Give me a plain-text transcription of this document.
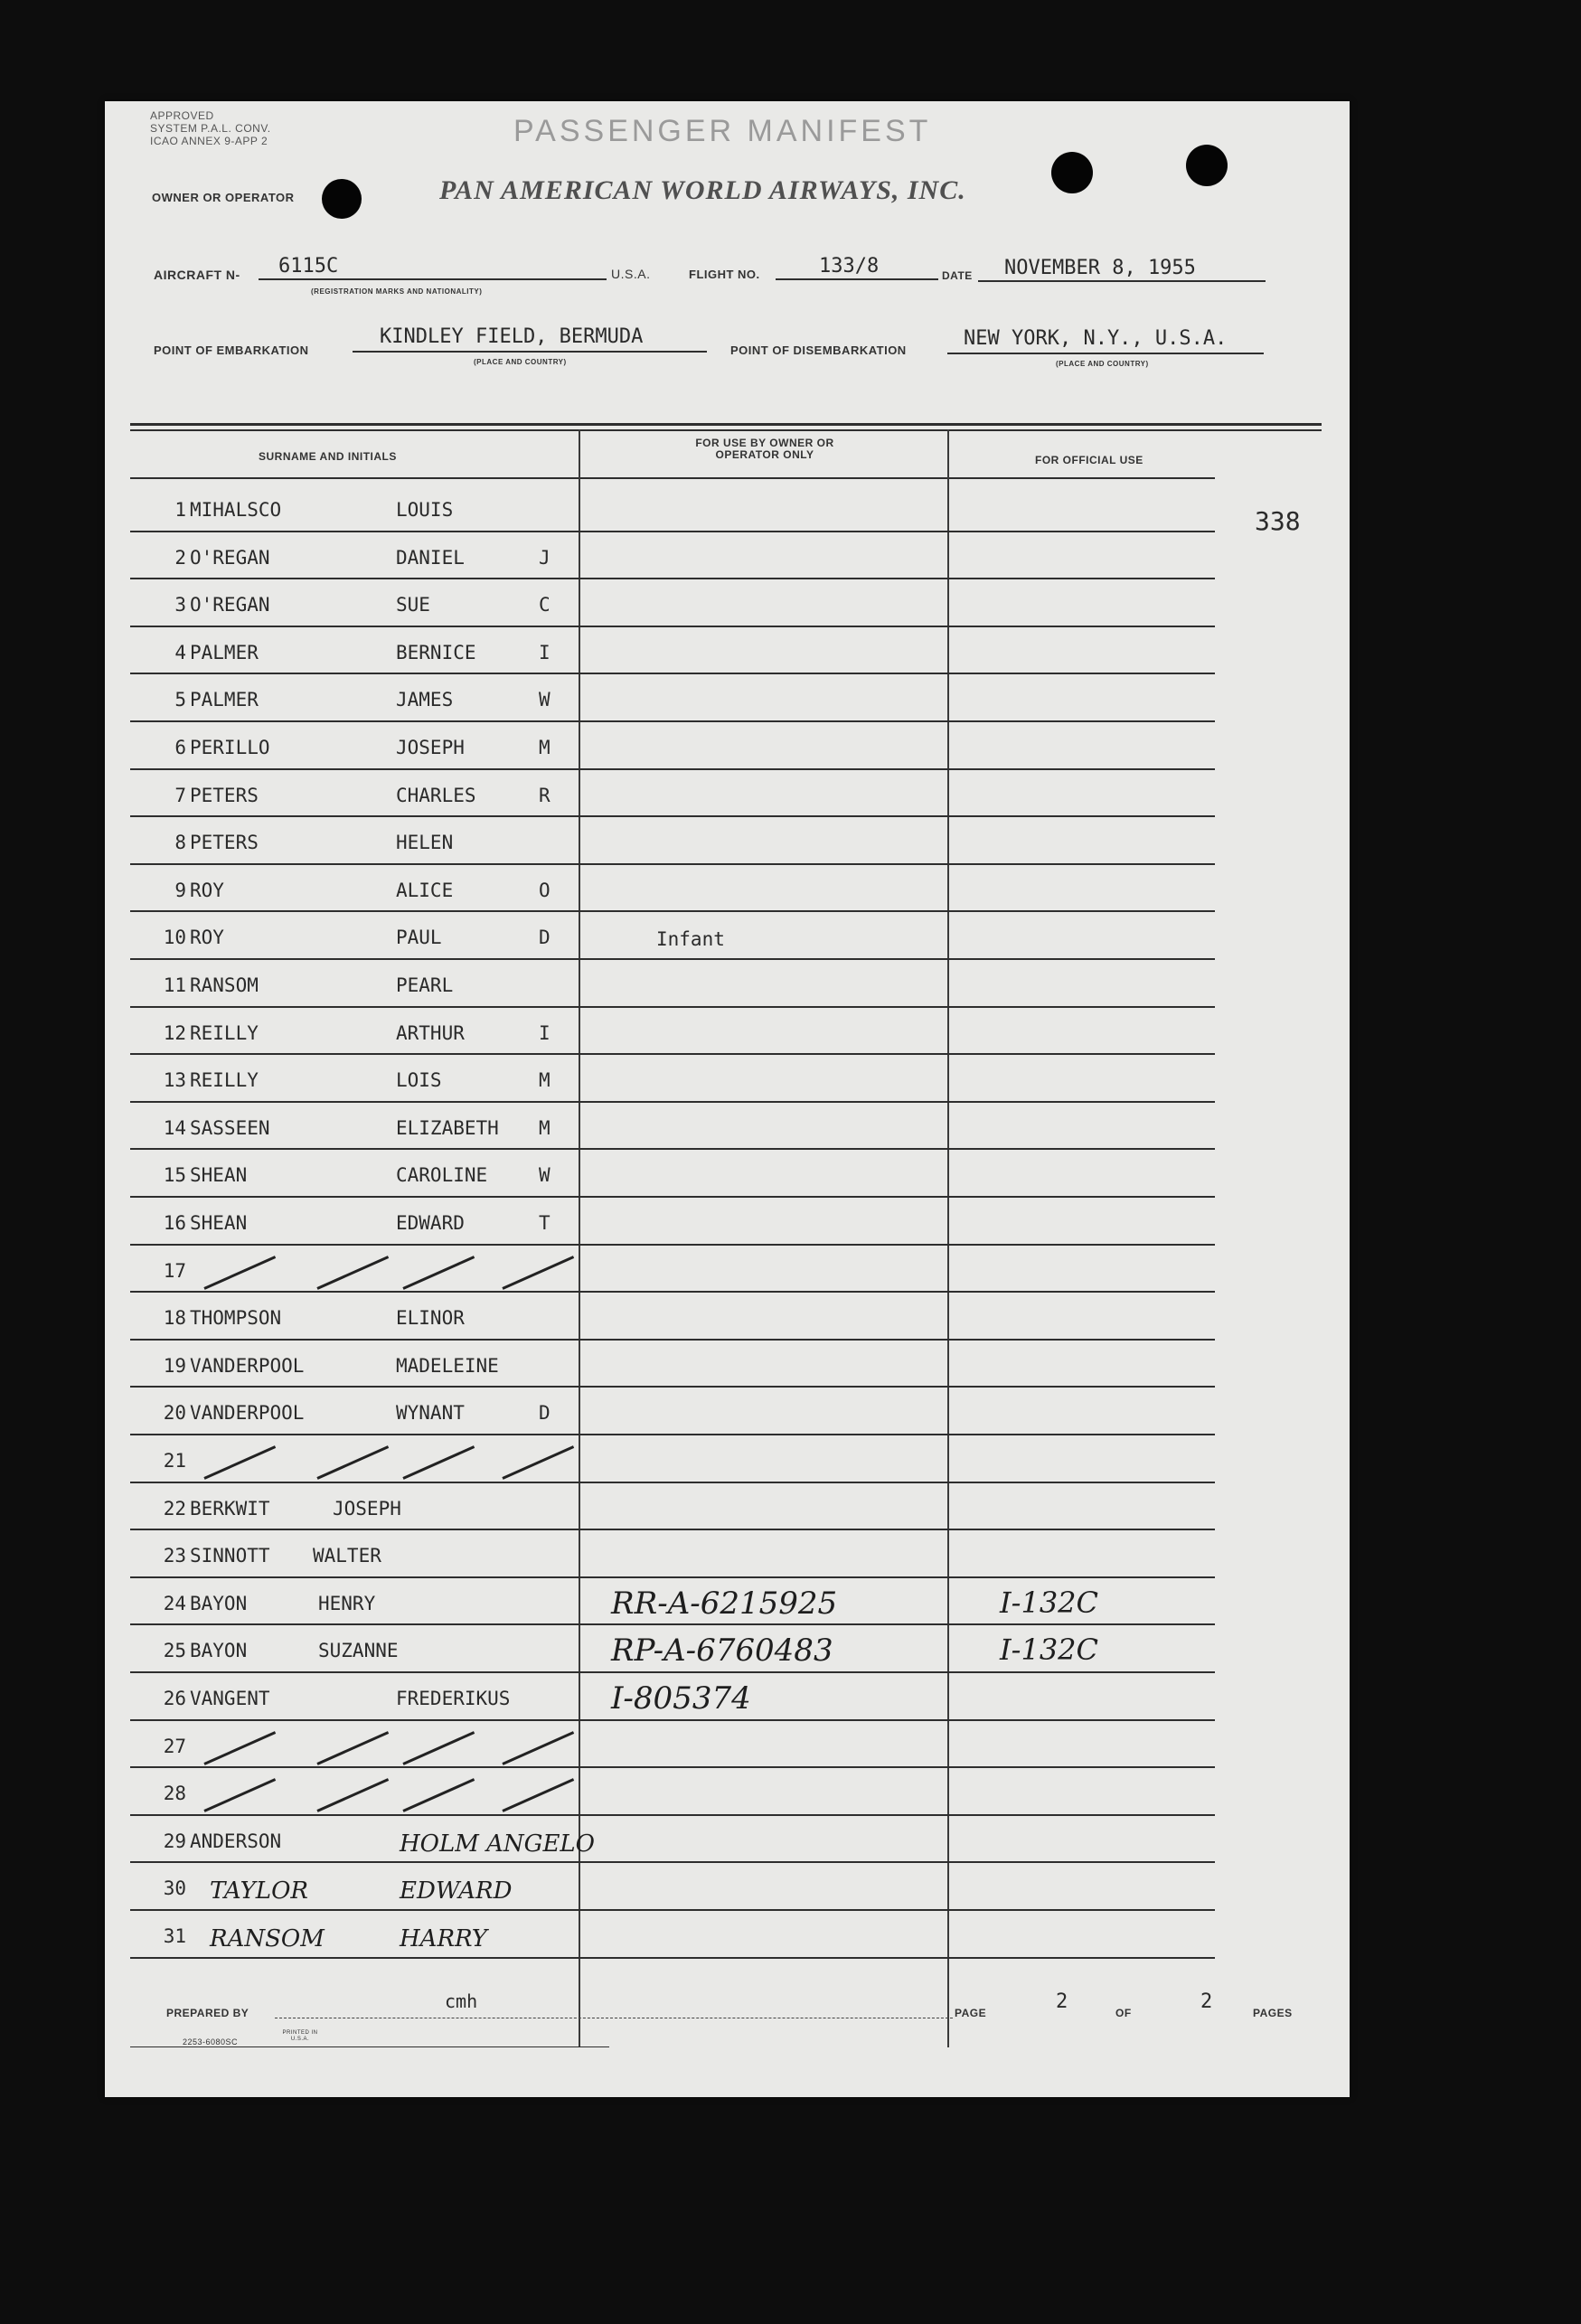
APPROVED
SYSTEM P.A.L. CONV.
ICAO ANNEX 9-APP 2	PASSENGER MANIFEST
OWNER OR OPERATOR	PAN AMERICAN WORLD AIRWAYS, INC.
AIRCRAFT N- 6115C
(REGISTRATION MARKS AND NATIONALITY)
U.S.A.	FLIGHT NO.	133/8	DATE NOVEMBER 8, 1955
POINT OF EMBARKATION
KINDLEY FIELD, BERMUDA
(PLACE AND COUNTRY)
POINT OF DISEMBARKATION
NEW YORK, N.Y., U.S.A.
(PLACE AND COUNTRY)
SURNAME AND INITIALS
FOR USE BY OWNER OR OPERATOR ONLY	FOR OFFICIAL USE
338
1 MIHALSCO	LOUIS
2 O'REGAN	DANIEL	J
3 O'REGAN	SUE	C
4 PALMER	BERNICE	I
5 PALMER	JAMES	W
6 PERILLO	JOSEPH	M
7 PETERS	CHARLES	R
8 PETERS	HELEN
9 ROY	ALICE	O
10 ROY	PAUL	D	Infant
11 RANSOM	PEARL
12 REILLY	ARTHUR	I
13 REILLY	LOIS	M
14 SASSEEN	ELIZABETH M
15 SHEAN	CAROLINE	W
16 SHEAN	EDWARD	T
17
18 THOMPSON	ELINOR
19 VANDERPOOL	MADELEINE
20 VANDERPOOL	WYNANT	D
21
22 BERKWIT	JOSEPH
23 SINNOTT WALTER
24 BAYON	HENRY	RR-A-6215925	I-132C
25 BAYON	SUZANNE	RP-A-6760483	I-132C
26 VANGENT	FREDERIKUS	I-805374
27
28
29 ANDERSON	HOLM ANGELO
30 TAYLOR	EDWARD
31 RANSOM	HARRY
PREPARED BY
cmh
PAGE	2	OF	2	PAGES
2253-6080SC
PRINTED IN U.S.A.
